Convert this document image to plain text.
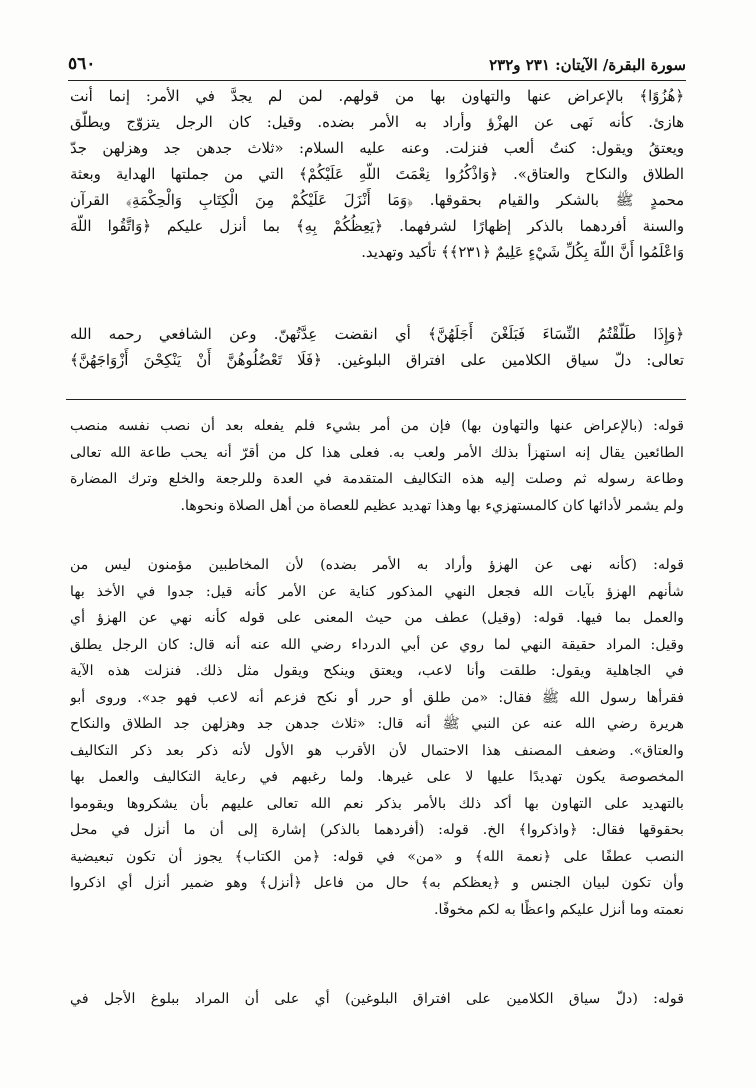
سورة البقرة/ الآيتان: ٢٣١ و٢٣٢
٥٦٠
﴿هُزُوًا﴾ بالإعراض عنها والتهاون بها من قولهم. لمن لم يجدَّ في الأمر: إنما أنت
هازئ. كأنه نَهى عن الهزْؤ وأراد به الأمر بضده. وقيل: كان الرجل يتزوّج ويطلّق
ويعتقُ ويقول: كنتُ ألعب فنزلت. وعنه عليه السلام: «ثلاث جدهن جد وهزلهن جدّ
الطلاق والنكاح والعتاق». ﴿وَاذْكُرُوا نِعْمَتَ اللَّهِ عَلَيْكُمْ﴾ التي من جملتها الهداية وبعثة
محمدٍ ﷺ بالشكر والقيام بحقوقها. ﴿وَمَا أَنْزَلَ عَلَيْكُمْ مِنَ الْكِتَابِ وَالْحِكْمَةِ﴾ القرآن
والسنة أفردهما بالذكر إظهارًا لشرفهما. ﴿يَعِظُكُمْ بِهِ﴾ بما أنزل عليكم ﴿وَاتَّقُوا اللَّهَ
وَاعْلَمُوا أَنَّ اللَّهَ بِكُلِّ شَيْءٍ عَلِيمٌ ﴿٢٣١﴾﴾ تأكيد وتهديد.
﴿وَإِذَا طَلَّقْتُمُ النِّسَاءَ فَبَلَغْنَ أَجَلَهُنَّ﴾ أي انقضت عِدَّتُهنّ. وعن الشافعي رحمه الله
تعالى: دلّ سياق الكلامين على افتراق البلوغين. ﴿فَلَا تَعْضُلُوهُنَّ أَنْ يَنْكِحْنَ أَزْوَاجَهُنَّ﴾
قوله: (بالإعراض عنها والتهاون بها) فإن من أمر بشيء فلم يفعله بعد أن نصب نفسه منصب
الطائعين يقال إنه استهزأ بذلك الأمر ولعب به. فعلى هذا كل من أقرّ أنه يحب طاعة الله تعالى
وطاعة رسوله ثم وصلت إليه هذه التكاليف المتقدمة في العدة وللرجعة والخلع وترك المضارة
ولم يشمر لأدائها كان كالمستهزيء بها وهذا تهديد عظيم للعصاة من أهل الصلاة ونحوها.
قوله: (كأنه نهى عن الهزؤ وأراد به الأمر بضده) لأن المخاطبين مؤمنون ليس من
شأنهم الهزؤ بآيات الله فجعل النهي المذكور كناية عن الأمر كأنه قيل: جدوا في الأخذ بها
والعمل بما فيها. قوله: (وقيل) عطف من حيث المعنى على قوله كأنه نهي عن الهزؤ أي
وقيل: المراد حقيقة النهي لما روي عن أبي الدرداء رضي الله عنه أنه قال: كان الرجل يطلق
في الجاهلية ويقول: طلقت وأنا لاعب، ويعتق وينكح ويقول مثل ذلك. فنزلت هذه الآية
فقرأها رسول الله ﷺ فقال: «من طلق أو حرر أو نكح فزعم أنه لاعب فهو جد». وروى أبو
هريرة رضي الله عنه عن النبي ﷺ أنه قال: «ثلاث جدهن جد وهزلهن جد الطلاق والنكاح
والعتاق». وضعف المصنف هذا الاحتمال لأن الأقرب هو الأول لأنه ذكر بعد ذكر التكاليف
المخصوصة يكون تهديدًا عليها لا على غيرها. ولما رغبهم في رعاية التكاليف والعمل بها
بالتهديد على التهاون بها أكد ذلك بالأمر بذكر نعم الله تعالى عليهم بأن يشكروها ويقوموا
بحقوقها فقال: ﴿واذكروا﴾ الخ. قوله: (أفردهما بالذكر) إشارة إلى أن ما أنزل في محل
النصب عطفًا على ﴿نعمة الله﴾ و «من» في قوله: ﴿من الكتاب﴾ يجوز أن تكون تبعيضية
وأن تكون لبيان الجنس و ﴿يعظكم به﴾ حال من فاعل ﴿أنزل﴾ وهو ضمير أنزل أي اذكروا
نعمته وما أنزل عليكم واعظًا به لكم مخوفًا.
قوله: (دلّ سياق الكلامين على افتراق البلوغين) أي على أن المراد ببلوغ الأجل في
